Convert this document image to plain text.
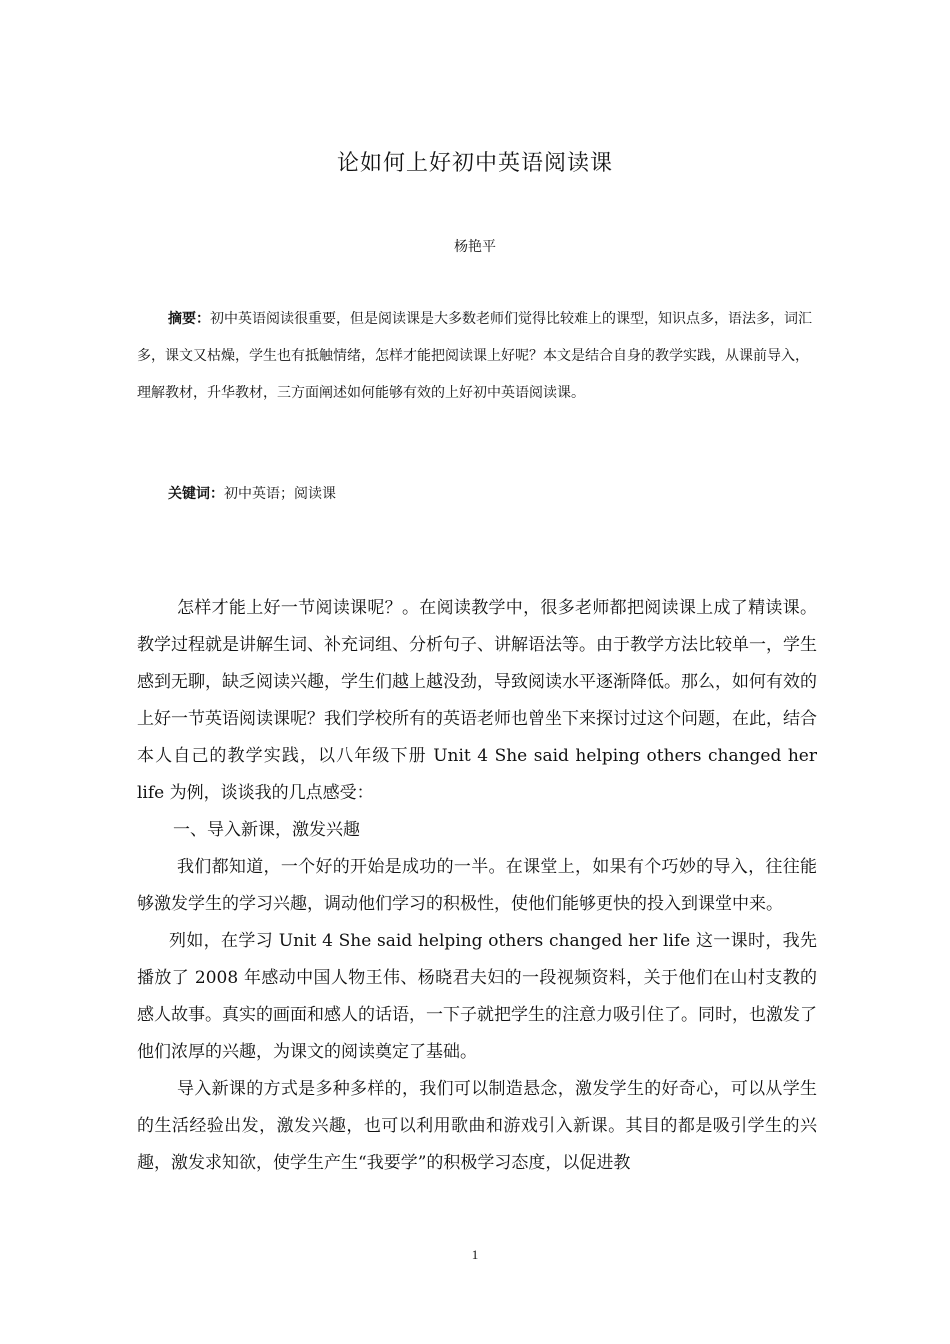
论如何上好初中英语阅读课
杨艳平
摘要：初中英语阅读很重要，但是阅读课是大多数老师们觉得比较难上的课型，知识点多，语法多，词汇多，课文又枯燥，学生也有抵触情绪，怎样才能把阅读课上好呢？本文是结合自身的教学实践，从课前导入，理解教材，升华教材，三方面阐述如何能够有效的上好初中英语阅读课。
关键词：初中英语；阅读课

怎样才能上好一节阅读课呢？。在阅读教学中，很多老师都把阅读课上成了精读课。教学过程就是讲解生词、补充词组、分析句子、讲解语法等。由于教学方法比较单一，学生感到无聊，缺乏阅读兴趣，学生们越上越没劲，导致阅读水平逐渐降低。那么，如何有效的上好一节英语阅读课呢？我们学校所有的英语老师也曾坐下来探讨过这个问题，在此，结合本人自己的教学实践，以八年级下册 Unit 4 She said helping others changed her life 为例，谈谈我的几点感受：

一、导入新课，激发兴趣

我们都知道，一个好的开始是成功的一半。在课堂上，如果有个巧妙的导入，往往能够激发学生的学习兴趣，调动他们学习的积极性，使他们能够更快的投入到课堂中来。

列如，在学习 Unit 4 She said helping others changed her life 这一课时，我先播放了 2008 年感动中国人物王伟、杨晓君夫妇的一段视频资料，关于他们在山村支教的感人故事。真实的画面和感人的话语，一下子就把学生的注意力吸引住了。同时，也激发了他们浓厚的兴趣，为课文的阅读奠定了基础。

导入新课的方式是多种多样的，我们可以制造悬念，激发学生的好奇心，可以从学生的生活经验出发，激发兴趣，也可以利用歌曲和游戏引入新课。其目的都是吸引学生的兴趣，激发求知欲，使学生产生“我要学”的积极学习态度，以促进教

1
